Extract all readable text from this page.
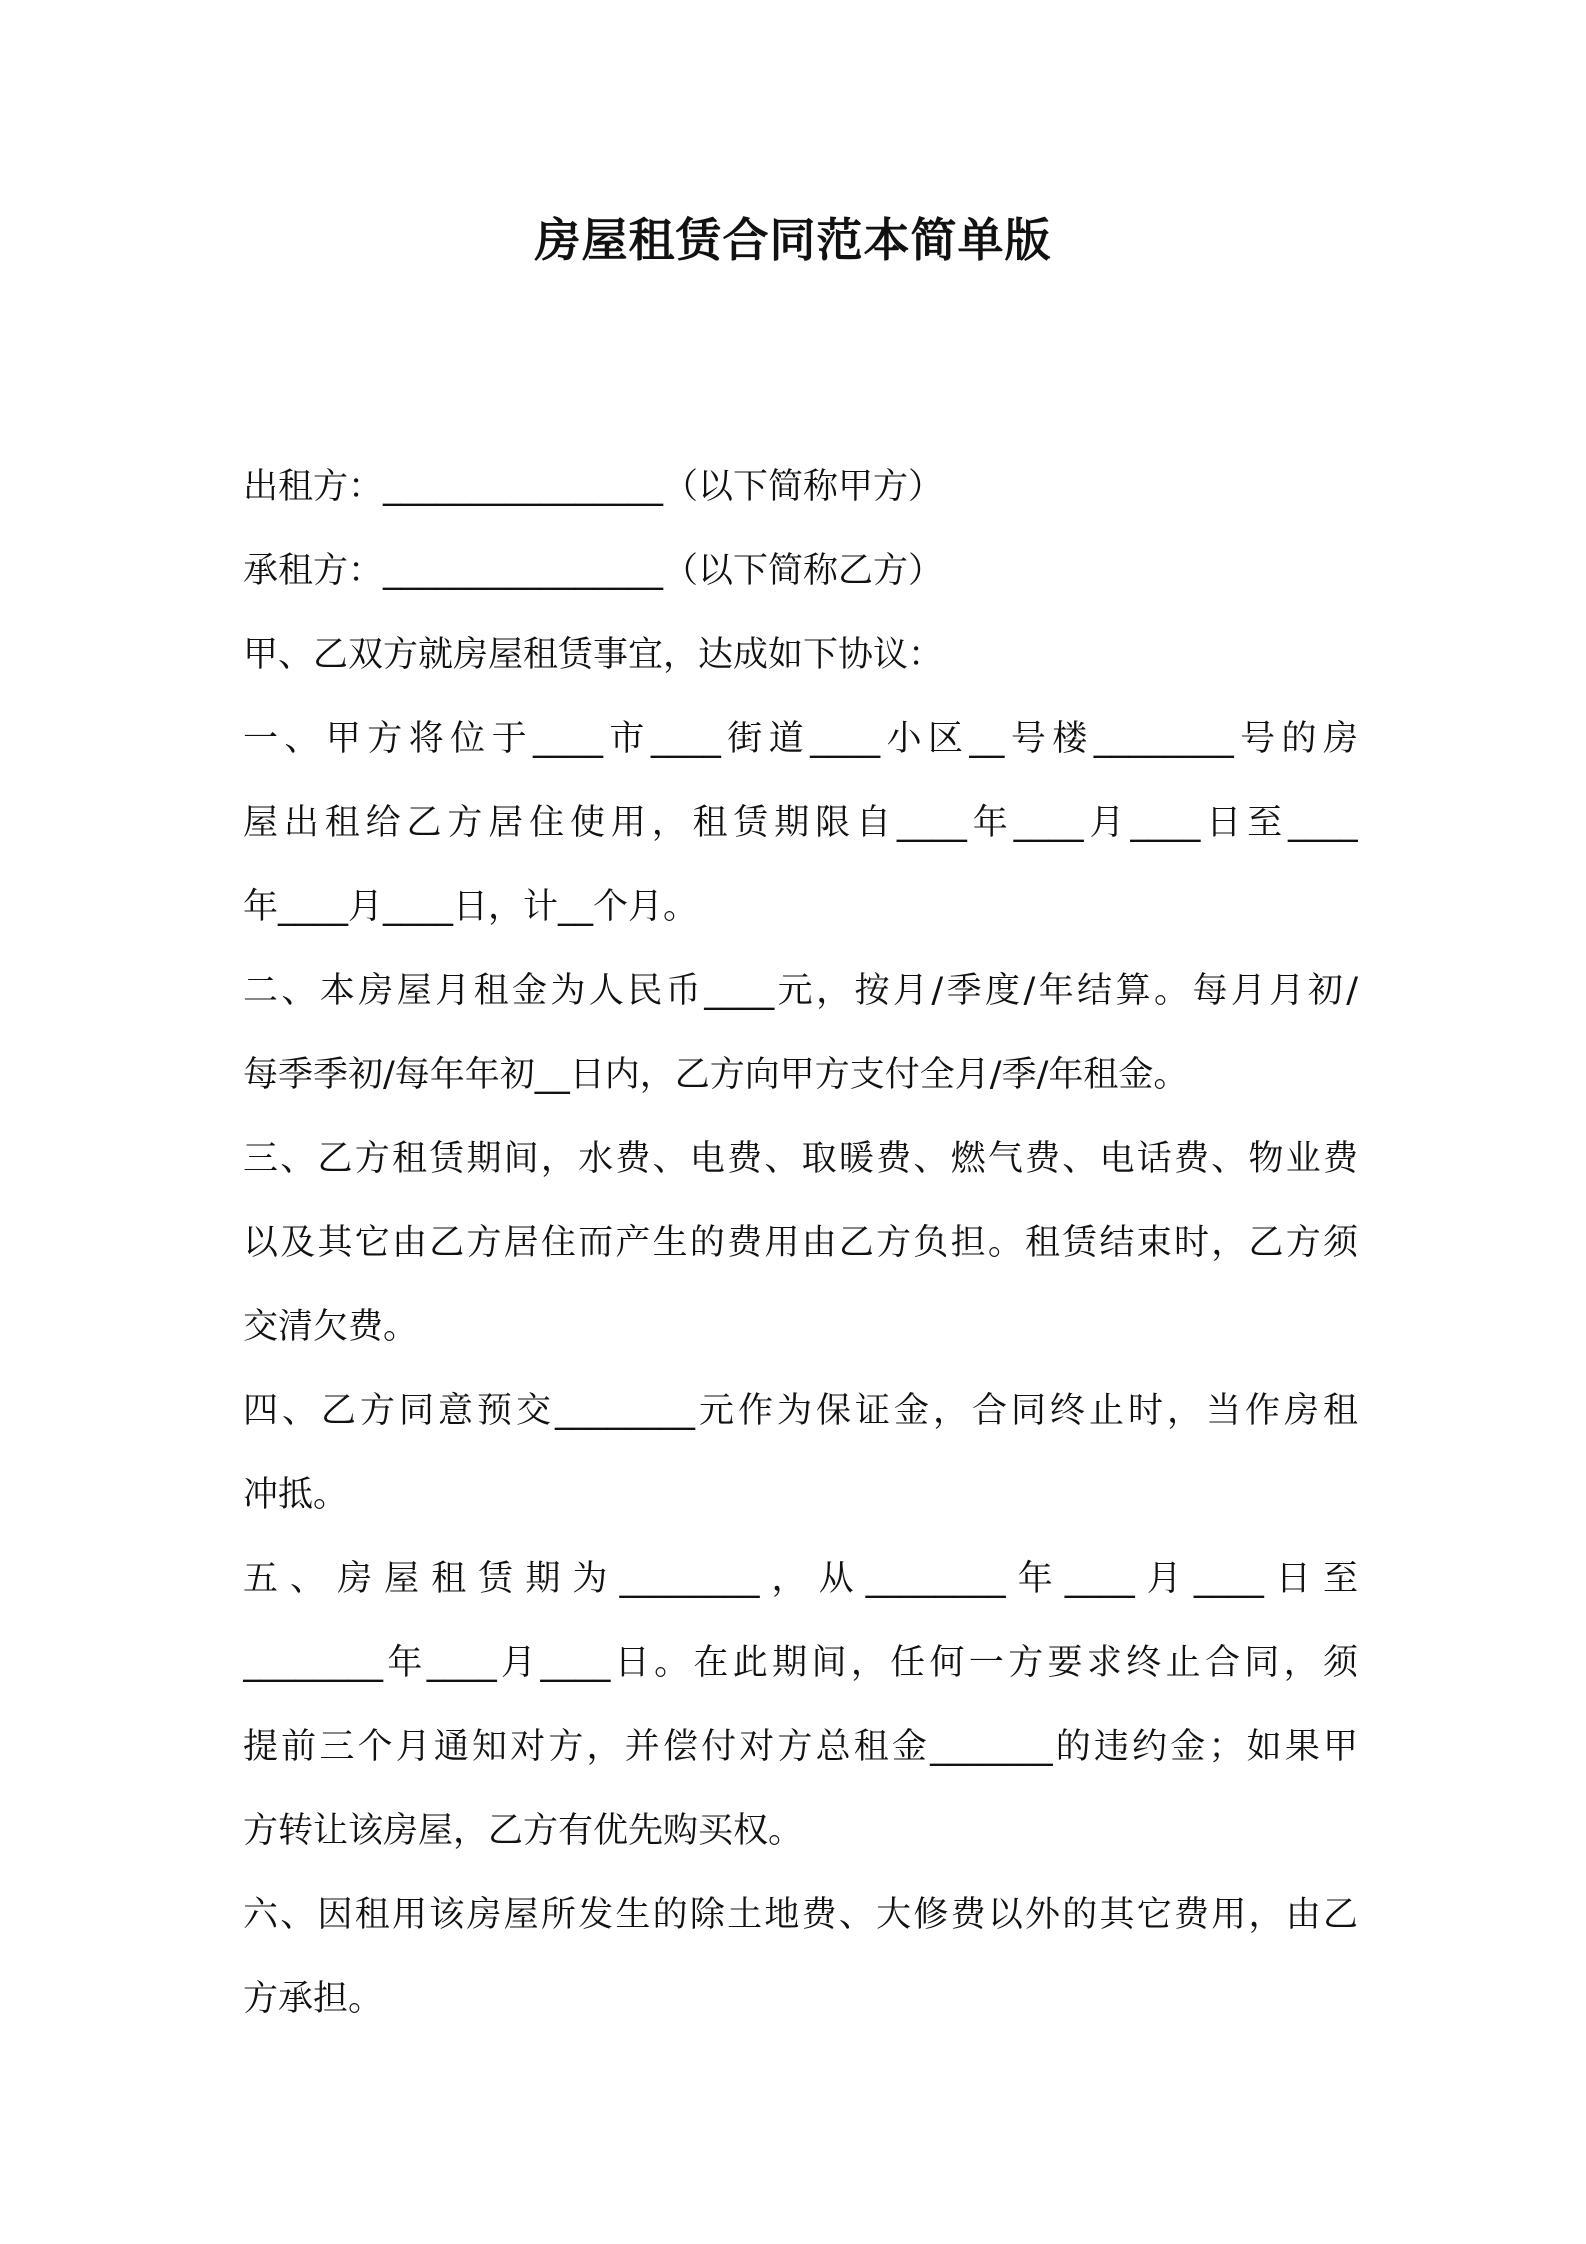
房屋租赁合同范本简单版
出租方：________________（以下简称甲方）
承租方：________________（以下简称乙方）
甲、乙双方就房屋租赁事宜，达成如下协议：
一、甲方将位于____市____街道____小区__号楼________号的房
屋出租给乙方居住使用，租赁期限自____年____月____日至____
年____月____日，计__个月。
二、本房屋月租金为人民币____元，按月/季度/年结算。每月月初/
每季季初/每年年初__日内，乙方向甲方支付全月/季/年租金。
三、乙方租赁期间，水费、电费、取暖费、燃气费、电话费、物业费
以及其它由乙方居住而产生的费用由乙方负担。租赁结束时，乙方须
交清欠费。
四、乙方同意预交________元作为保证金，合同终止时，当作房租
冲抵。
五、房屋租赁期为________，从________年____月____日至
________年____月____日。在此期间，任何一方要求终止合同，须
提前三个月通知对方，并偿付对方总租金_______的违约金；如果甲
方转让该房屋，乙方有优先购买权。
六、因租用该房屋所发生的除土地费、大修费以外的其它费用，由乙
方承担。
